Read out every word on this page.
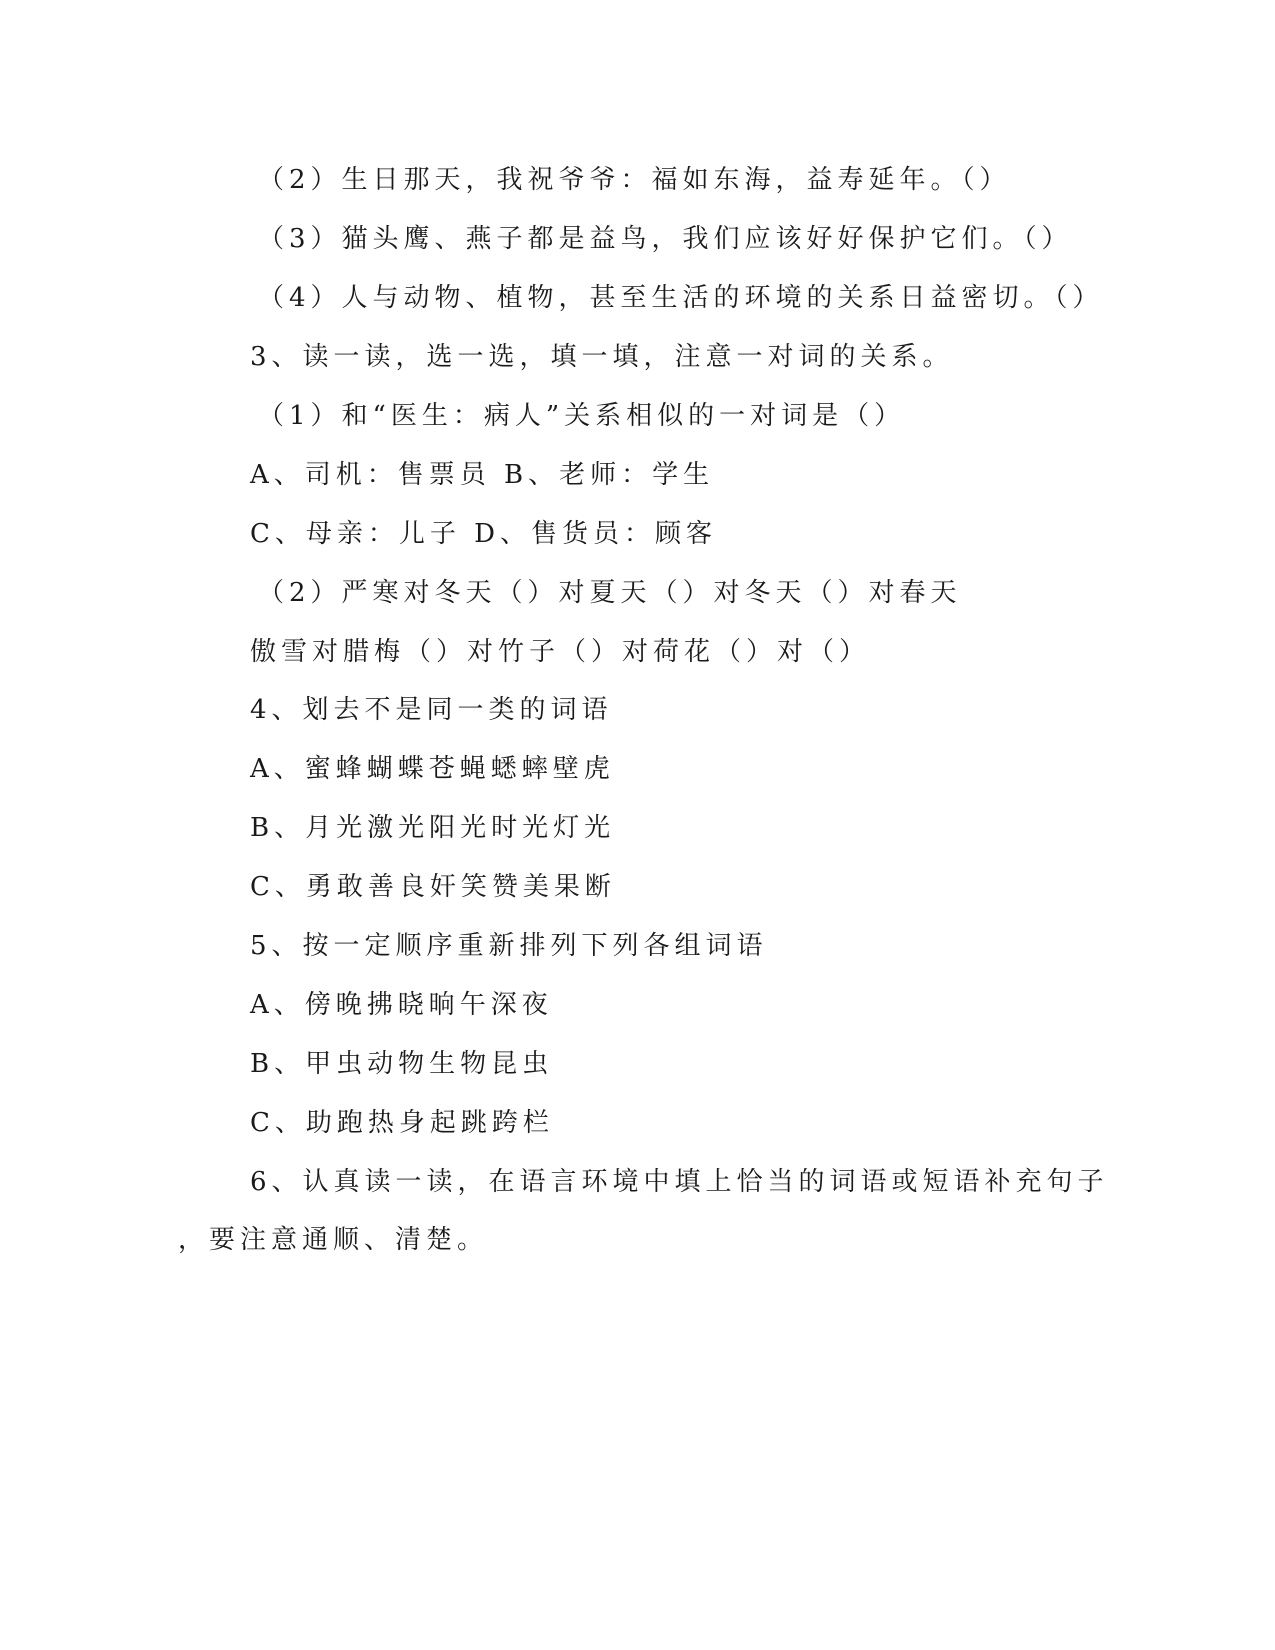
（2）生日那天，我祝爷爷：福如东海，益寿延年。（）

（3）猫头鹰、燕子都是益鸟，我们应该好好保护它们。（）

（4）人与动物、植物，甚至生活的环境的关系日益密切。（）

3、读一读，选一选，填一填，注意一对词的关系。

（1）和“医生：病人”关系相似的一对词是（）

A、司机：售票员 B、老师：学生

C、母亲：儿子 D、售货员：顾客

（2）严寒对冬天（）对夏天（）对冬天（）对春天

傲雪对腊梅（）对竹子（）对荷花（）对（）

4、划去不是同一类的词语

A、蜜蜂蝴蝶苍蝇蟋蟀壁虎

B、月光激光阳光时光灯光

C、勇敢善良奸笑赞美果断

5、按一定顺序重新排列下列各组词语

A、傍晚拂晓晌午深夜

B、甲虫动物生物昆虫

C、助跑热身起跳跨栏

6、认真读一读，在语言环境中填上恰当的词语或短语补充句子

，要注意通顺、清楚。
